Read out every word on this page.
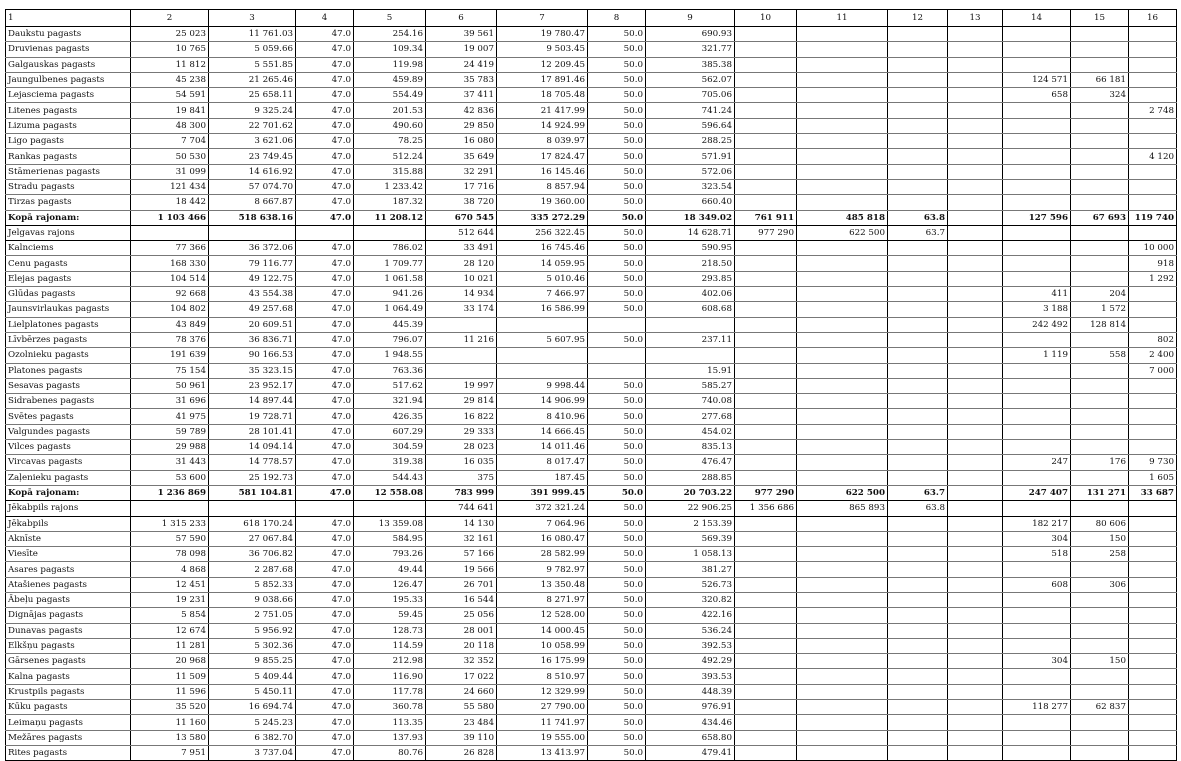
1	2	3	4	5	6	7	8	9	10	11	12	13	14	15	16
Daukstu pagasts	25 023	11 761.03	47.0	254.16	39 561	19 780.47	50.0	690.93							
Druvienas pagasts	10 765	5 059.66	47.0	109.34	19 007	9 503.45	50.0	321.77							
Galgauskas pagasts	11 812	5 551.85	47.0	119.98	24 419	12 209.45	50.0	385.38							
Jaungulbenes pagasts	45 238	21 265.46	47.0	459.89	35 783	17 891.46	50.0	562.07					124 571	66 181	
Lejasciema pagasts	54 591	25 658.11	47.0	554.49	37 411	18 705.48	50.0	705.06					658	324	
Litenes pagasts	19 841	9 325.24	47.0	201.53	42 836	21 417.99	50.0	741.24							2 748
Lizuma pagasts	48 300	22 701.62	47.0	490.60	29 850	14 924.99	50.0	596.64							
Ligo pagasts	7 704	3 621.06	47.0	78.25	16 080	8 039.97	50.0	288.25							
Rankas pagasts	50 530	23 749.45	47.0	512.24	35 649	17 824.47	50.0	571.91							4 120
Stāmerienas pagasts	31 099	14 616.92	47.0	315.88	32 291	16 145.46	50.0	572.06							
Stradu pagasts	121 434	57 074.70	47.0	1 233.42	17 716	8 857.94	50.0	323.54							
Tirzas pagasts	18 442	8 667.87	47.0	187.32	38 720	19 360.00	50.0	660.40							
Kopā rajonam:	1 103 466	518 638.16	47.0	11 208.12	670 545	335 272.29	50.0	18 349.02	761 911	485 818	63.8		127 596	67 693	119 740
Jelgavas rajons					512 644	256 322.45	50.0	14 628.71	977 290	622 500	63.7				
Kalnciems	77 366	36 372.06	47.0	786.02	33 491	16 745.46	50.0	590.95							10 000
Cenu pagasts	168 330	79 116.77	47.0	1 709.77	28 120	14 059.95	50.0	218.50							918
Elejas pagasts	104 514	49 122.75	47.0	1 061.58	10 021	5 010.46	50.0	293.85							1 292
Glūdas pagasts	92 668	43 554.38	47.0	941.26	14 934	7 466.97	50.0	402.06					411	204	
Jaunsvirlaukas pagasts	104 802	49 257.68	47.0	1 064.49	33 174	16 586.99	50.0	608.68					3 188	1 572	
Lielplatones pagasts	43 849	20 609.51	47.0	445.39									242 492	128 814	
Līvbērzes pagasts	78 376	36 836.71	47.0	796.07	11 216	5 607.95	50.0	237.11							802
Ozolnieku pagasts	191 639	90 166.53	47.0	1 948.55									1 119	558	2 400
Platones pagasts	75 154	35 323.15	47.0	763.36				15.91							7 000
Sesavas pagasts	50 961	23 952.17	47.0	517.62	19 997	9 998.44	50.0	585.27							
Sidrabenes pagasts	31 696	14 897.44	47.0	321.94	29 814	14 906.99	50.0	740.08							
Svētes pagasts	41 975	19 728.71	47.0	426.35	16 822	8 410.96	50.0	277.68							
Valgundes pagasts	59 789	28 101.41	47.0	607.29	29 333	14 666.45	50.0	454.02							
Vilces pagasts	29 988	14 094.14	47.0	304.59	28 023	14 011.46	50.0	835.13							
Vircavas pagasts	31 443	14 778.57	47.0	319.38	16 035	8 017.47	50.0	476.47					247	176	9 730
Zaļenieku pagasts	53 600	25 192.73	47.0	544.43	375	187.45	50.0	288.85							1 605
Kopā rajonam:	1 236 869	581 104.81	47.0	12 558.08	783 999	391 999.45	50.0	20 703.22	977 290	622 500	63.7		247 407	131 271	33 687
Jēkabpils rajons					744 641	372 321.24	50.0	22 906.25	1 356 686	865 893	63.8				
Jēkabpils	1 315 233	618 170.24	47.0	13 359.08	14 130	7 064.96	50.0	2 153.39					182 217	80 606	
Aknīste	57 590	27 067.84	47.0	584.95	32 161	16 080.47	50.0	569.39					304	150	
Viesīte	78 098	36 706.82	47.0	793.26	57 166	28 582.99	50.0	1 058.13					518	258	
Asares pagasts	4 868	2 287.68	47.0	49.44	19 566	9 782.97	50.0	381.27							
Atašienes pagasts	12 451	5 852.33	47.0	126.47	26 701	13 350.48	50.0	526.73					608	306	
Ābeļu pagasts	19 231	9 038.66	47.0	195.33	16 544	8 271.97	50.0	320.82							
Dignājas pagasts	5 854	2 751.05	47.0	59.45	25 056	12 528.00	50.0	422.16							
Dunavas pagasts	12 674	5 956.92	47.0	128.73	28 001	14 000.45	50.0	536.24							
Elkšņu pagasts	11 281	5 302.36	47.0	114.59	20 118	10 058.99	50.0	392.53							
Gārsenes pagasts	20 968	9 855.25	47.0	212.98	32 352	16 175.99	50.0	492.29					304	150	
Kalna pagasts	11 509	5 409.44	47.0	116.90	17 022	8 510.97	50.0	393.53							
Krustpils pagasts	11 596	5 450.11	47.0	117.78	24 660	12 329.99	50.0	448.39							
Kūku pagasts	35 520	16 694.74	47.0	360.78	55 580	27 790.00	50.0	976.91					118 277	62 837	
Leimaņu pagasts	11 160	5 245.23	47.0	113.35	23 484	11 741.97	50.0	434.46							
Mežāres pagasts	13 580	6 382.70	47.0	137.93	39 110	19 555.00	50.0	658.80							
Rites pagasts	7 951	3 737.04	47.0	80.76	26 828	13 413.97	50.0	479.41							
